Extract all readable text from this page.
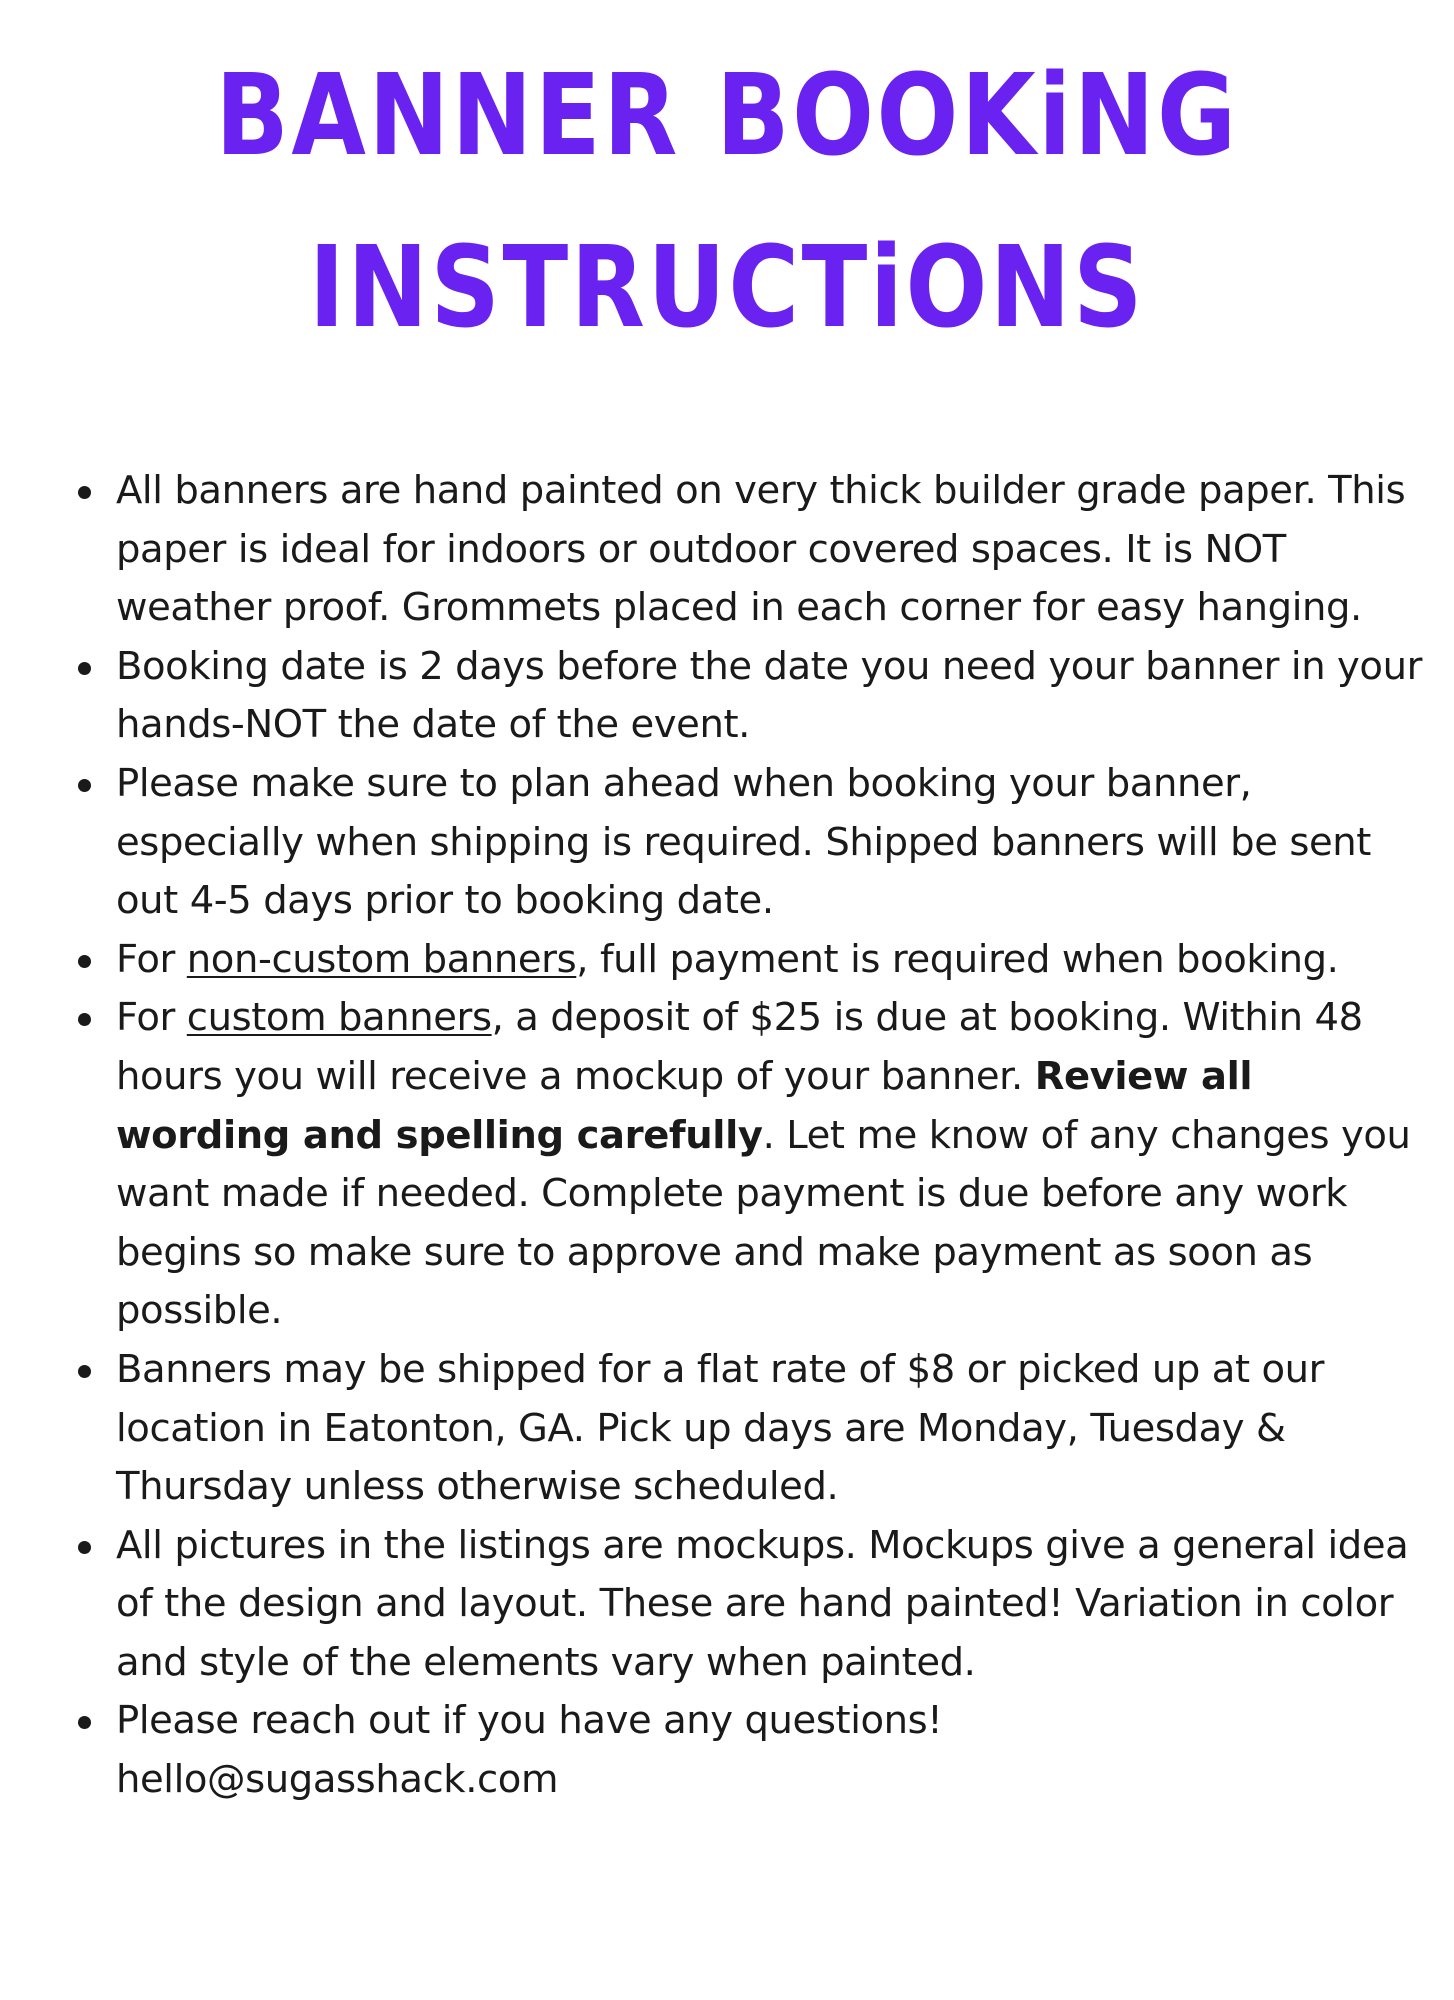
BANNER BOOKiNG
INSTRUCTiONS
All banners are hand painted on very thick builder grade paper. This paper is ideal for indoors or outdoor covered spaces. It is NOT weather proof. Grommets placed in each corner for easy hanging.
Booking date is 2 days before the date you need your banner in your hands-NOT the date of the event.
Please make sure to plan ahead when booking your banner, especially when shipping is required. Shipped banners will be sent out 4-5 days prior to booking date.
For non-custom banners, full payment is required when booking.
For custom banners, a deposit of $25 is due at booking. Within 48 hours you will receive a mockup of your banner. Review all wording and spelling carefully. Let me know of any changes you want made if needed. Complete payment is due before any work begins so make sure to approve and make payment as soon as possible.
Banners may be shipped for a flat rate of $8 or picked up at our location in Eatonton, GA. Pick up days are Monday, Tuesday & Thursday unless otherwise scheduled.
All pictures in the listings are mockups. Mockups give a general idea of the design and layout. These are hand painted! Variation in color and style of the elements vary when painted.
Please reach out if you have any questions!
hello@sugasshack.com
